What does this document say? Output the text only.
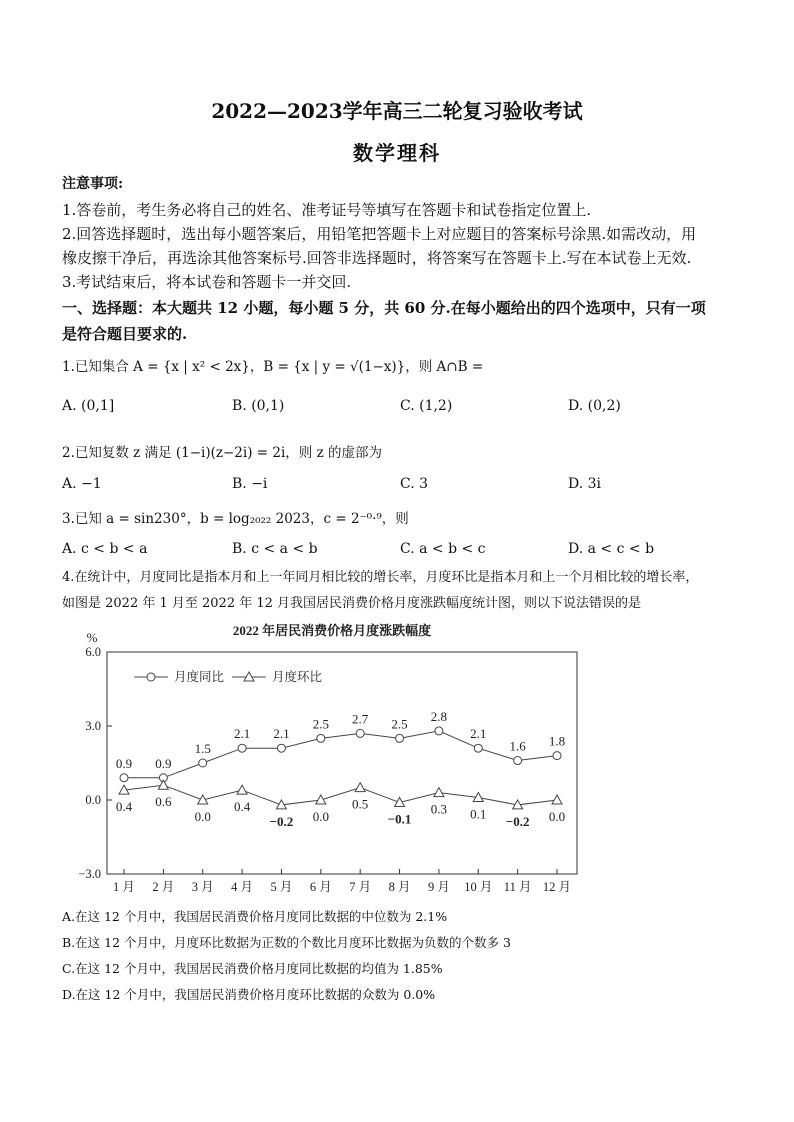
2022—2023学年高三二轮复习验收考试
数学理科
注意事项:
1.答卷前，考生务必将自己的姓名、准考证号等填写在答题卡和试卷指定位置上.
2.回答选择题时，选出每小题答案后，用铅笔把答题卡上对应题目的答案标号涂黑.如需改动，用
橡皮擦干净后，再选涂其他答案标号.回答非选择题时，将答案写在答题卡上.写在本试卷上无效.
3.考试结束后，将本试卷和答题卡一并交回.
一、选择题：本大题共 12 小题，每小题 5 分，共 60 分.在每小题给出的四个选项中，只有一项
是符合题目要求的.
1.已知集合 A = {x | x² < 2x}，B = {x | y = √(1−x)}，则 A∩B =
A. (0,1]	B. (0,1)	C. (1,2)	D. (0,2)
2.已知复数 z 满足 (1−i)(z−2i) = 2i，则 z 的虚部为
A. −1	B. −i	C. 3	D. 3i
3.已知 a = sin230°，b = log₂₀₂₂ 2023，c = 2⁻⁰·⁹，则
A. c < b < a	B. c < a < b	C. a < b < c	D. a < c < b
4.在统计中，月度同比是指本月和上一年同月相比较的增长率，月度环比是指本月和上一个月相比较的增长率，
如图是 2022 年 1 月至 2022 年 12 月我国居民消费价格月度涨跌幅度统计图，则以下说法错误的是
2022 年居民消费价格月度涨跌幅度
%
6.0
3.0
0.0
−3.0
1 月 2 月 3 月 4 月 5 月 6 月 7 月 8 月 9 月 10 月 11 月 12 月
0.9 0.9
1.5
2.1 2.1
2.5 2.7 2.5 2.8
2.1
1.6 1.8
0.4 0.6
0.0
0.4
−0.2 0.0
0.5
−0.1
0.3 0.1 −0.2 0.0
月度同比	月度环比
A.在这 12 个月中，我国居民消费价格月度同比数据的中位数为 2.1%
B.在这 12 个月中，月度环比数据为正数的个数比月度环比数据为负数的个数多 3
C.在这 12 个月中，我国居民消费价格月度同比数据的均值为 1.85%
D.在这 12 个月中，我国居民消费价格月度环比数据的众数为 0.0%
